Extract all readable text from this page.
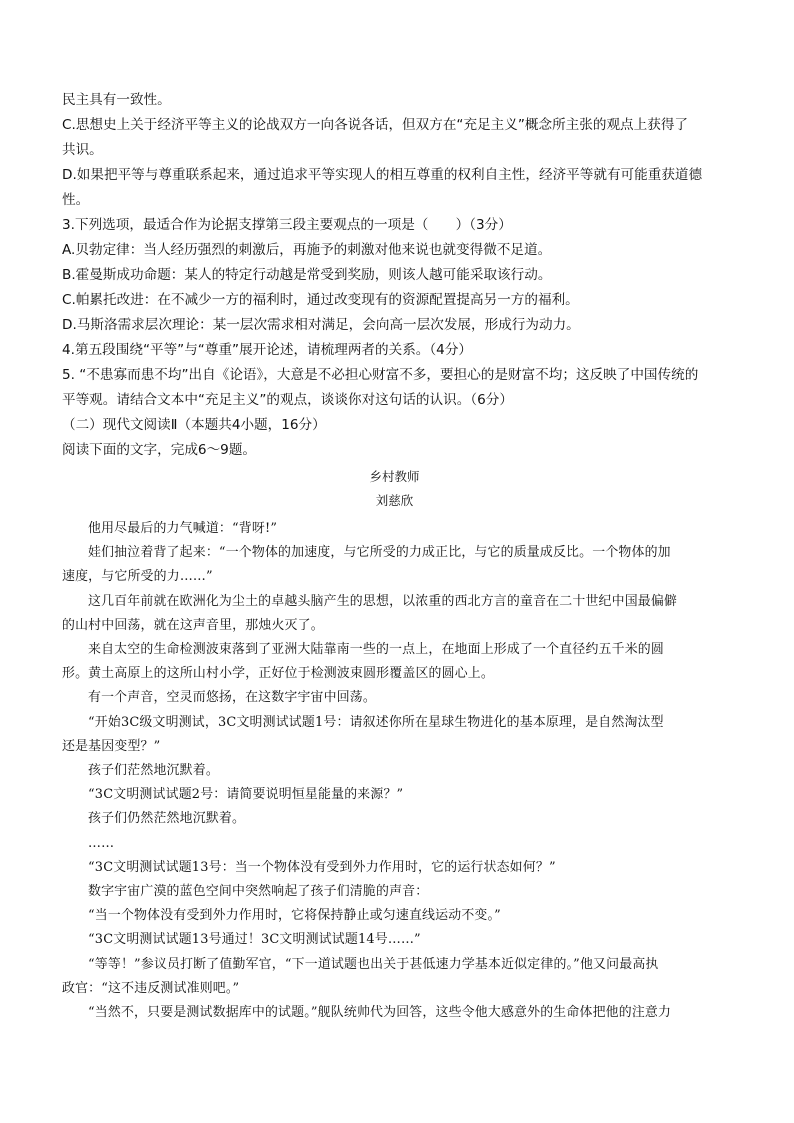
民主具有一致性。

C.思想史上关于经济平等主义的论战双方一向各说各话，但双方在“充足主义”概念所主张的观点上获得了

共识。

D.如果把平等与尊重联系起来，通过追求平等实现人的相互尊重的权利自主性，经济平等就有可能重获道德

性。

3.下列选项，最适合作为论据支撑第三段主要观点的一项是（　　）（3分）

A.贝勃定律：当人经历强烈的刺激后，再施予的刺激对他来说也就变得微不足道。

B.霍曼斯成功命题：某人的特定行动越是常受到奖励，则该人越可能采取该行动。

C.帕累托改进：在不减少一方的福利时，通过改变现有的资源配置提高另一方的福利。

D.马斯洛需求层次理论：某一层次需求相对满足，会向高一层次发展，形成行为动力。

4.第五段围绕“平等”与“尊重”展开论述，请梳理两者的关系。（4分）

5. “不患寡而患不均”出自《论语》，大意是不必担心财富不多，要担心的是财富不均；这反映了中国传统的

平等观。请结合文本中“充足主义”的观点，谈谈你对这句话的认识。（6分）

（二）现代文阅读Ⅱ（本题共4小题，16分）

阅读下面的文字，完成6～9题。

乡村教师

刘慈欣

他用尽最后的力气喊道：“背呀!”

娃们抽泣着背了起来：“一个物体的加速度，与它所受的力成正比，与它的质量成反比。一个物体的加

速度，与它所受的力……”

这几百年前就在欧洲化为尘土的卓越头脑产生的思想，以浓重的西北方言的童音在二十世纪中国最偏僻

的山村中回荡，就在这声音里，那烛火灭了。

来自太空的生命检测波束落到了亚洲大陆靠南一些的一点上，在地面上形成了一个直径约五千米的圆

形。黄土高原上的这所山村小学，正好位于检测波束圆形覆盖区的圆心上。

有一个声音，空灵而悠扬，在这数字宇宙中回荡。

“开始3C级文明测试，3C文明测试试题1号：请叙述你所在星球生物进化的基本原理，是自然淘汰型

还是基因变型？”

孩子们茫然地沉默着。

“3C文明测试试题2号：请简要说明恒星能量的来源？”

孩子们仍然茫然地沉默着。

……

“3C文明测试试题13号：当一个物体没有受到外力作用时，它的运行状态如何？”

数字宇宙广漠的蓝色空间中突然响起了孩子们清脆的声音：

“当一个物体没有受到外力作用时，它将保持静止或匀速直线运动不变。”

“3C文明测试试题13号通过！3C文明测试试题14号……”

“等等！”参议员打断了值勤军官，“下一道试题也出关于甚低速力学基本近似定律的。”他又问最高执

政官：“这不违反测试准则吧。”

“当然不，只要是测试数据库中的试题。”舰队统帅代为回答，这些令他大感意外的生命体把他的注意力
